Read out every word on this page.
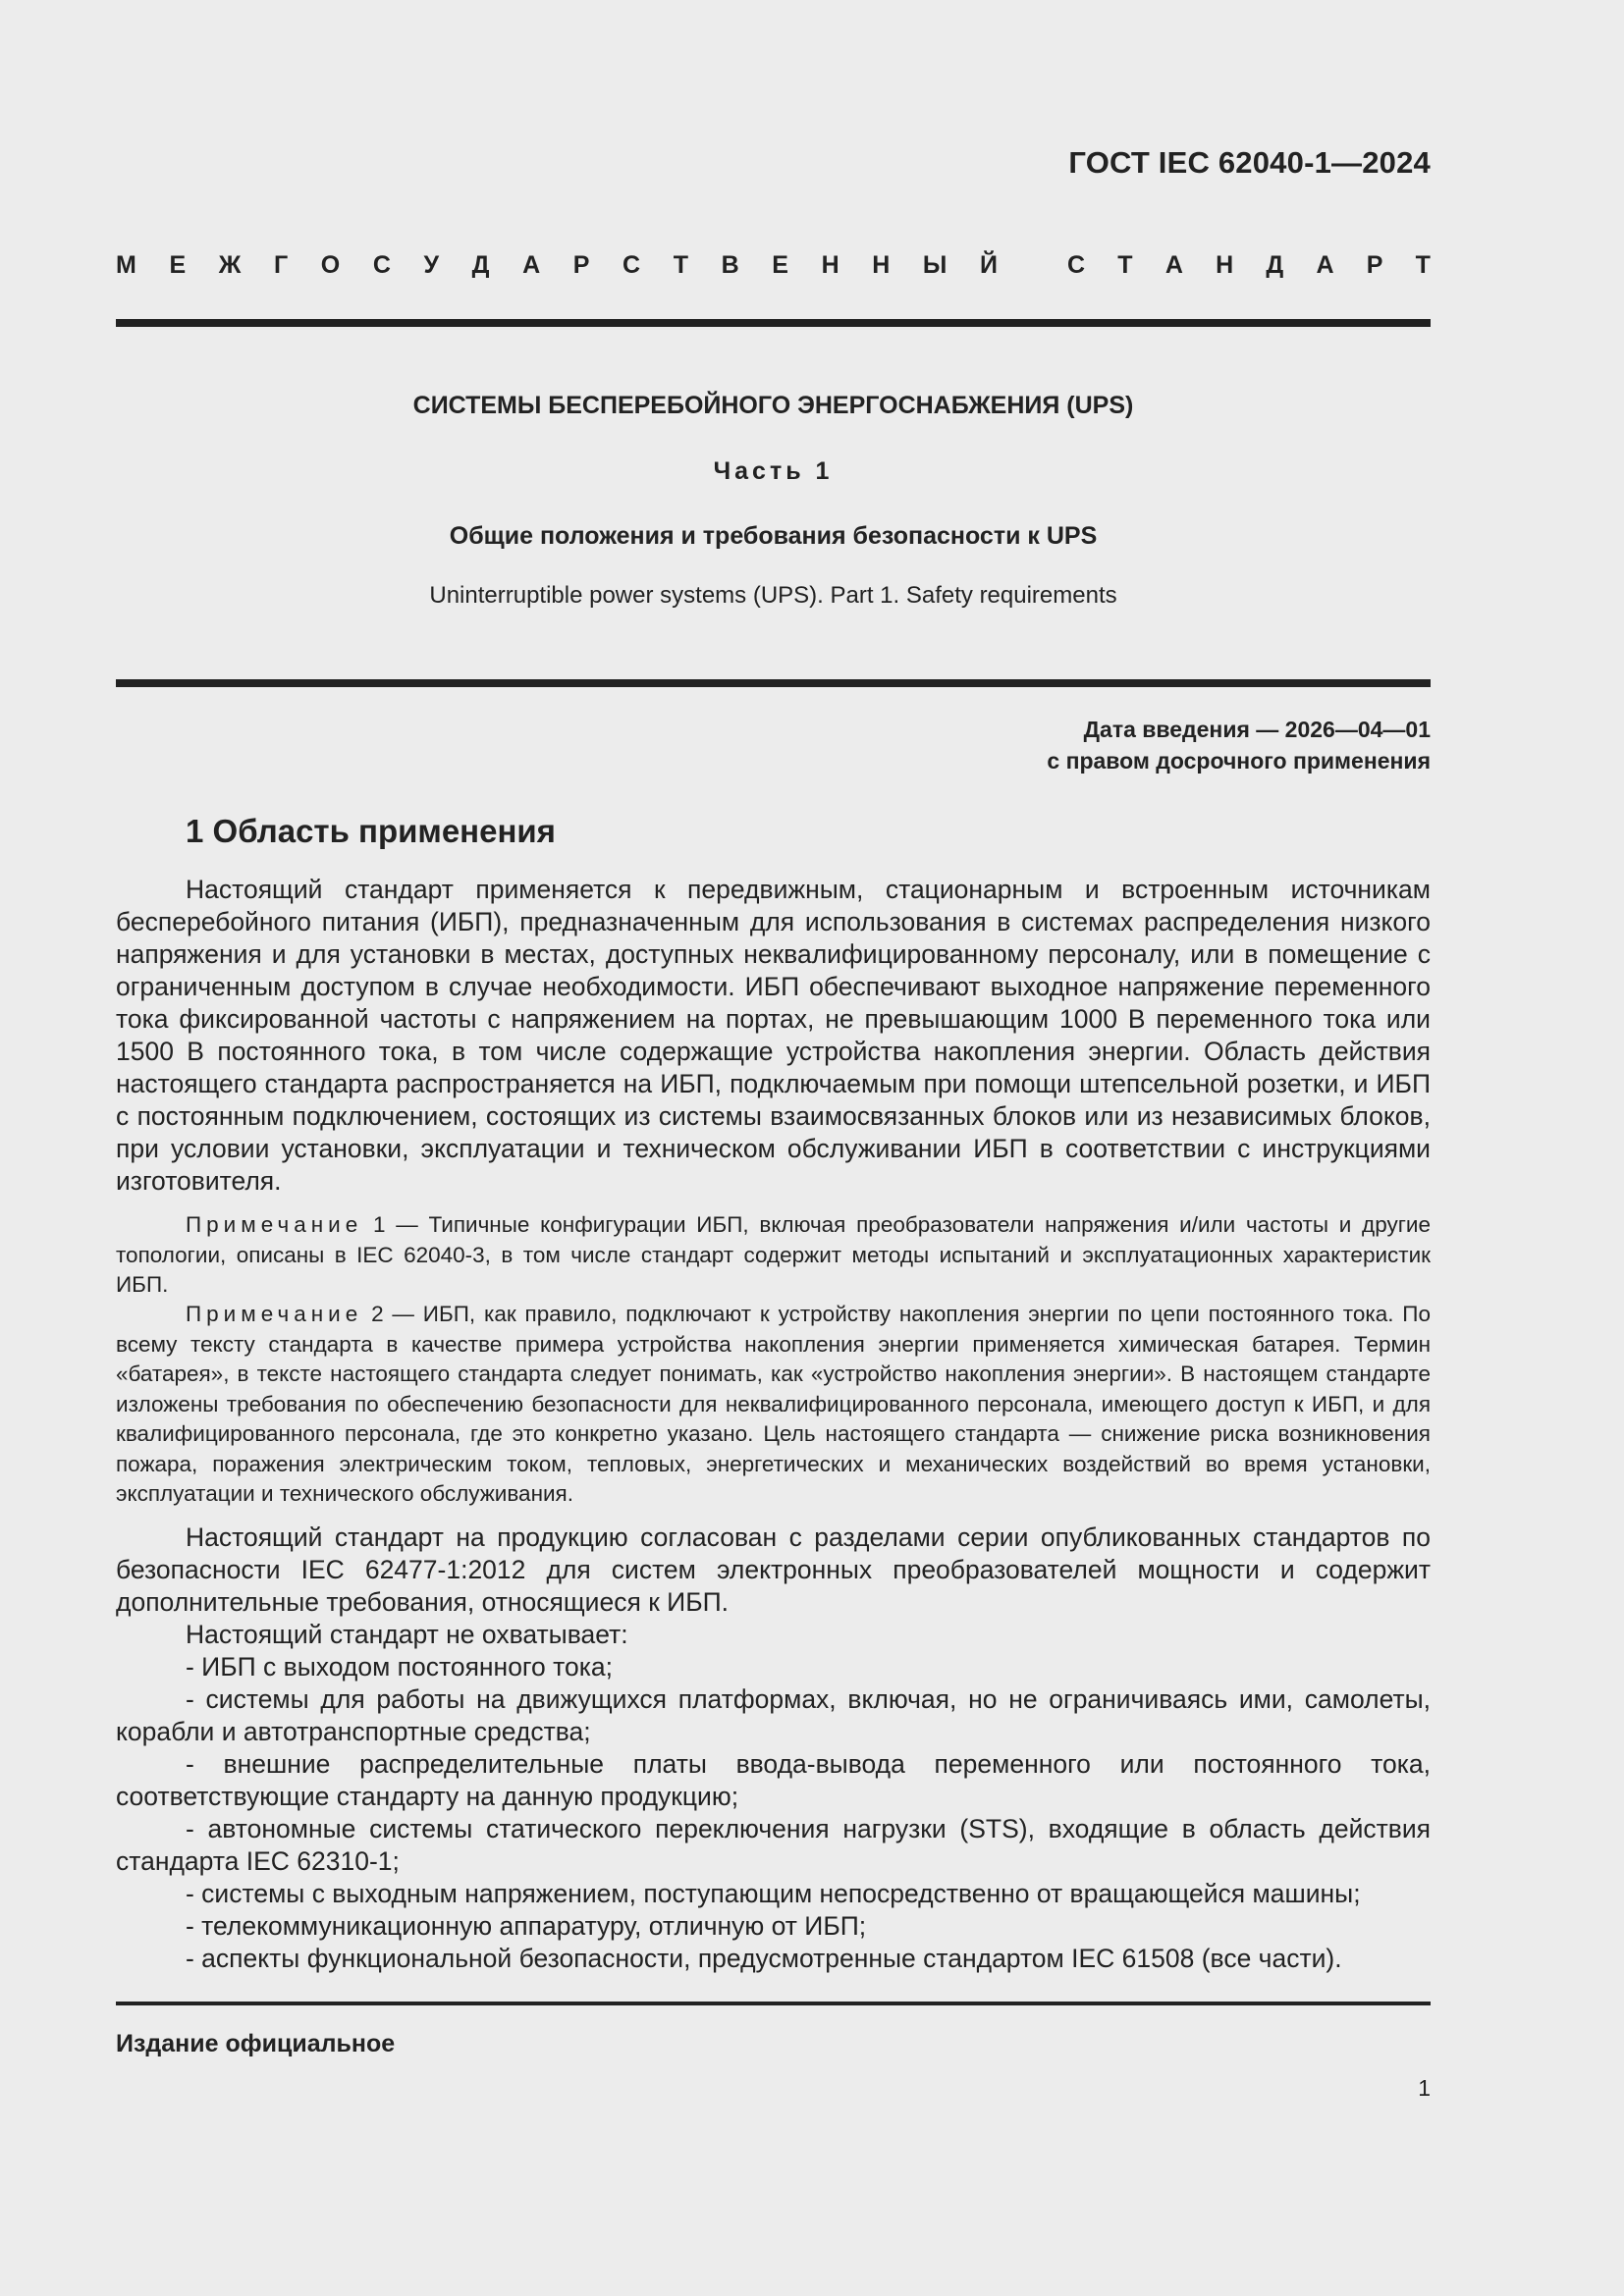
ГОСТ IEC 62040-1—2024
М Е Ж Г О С У Д А Р С Т В Е Н Н Ы Й	С Т А Н Д А Р Т
СИСТЕМЫ БЕСПЕРЕБОЙНОГО ЭНЕРГОСНАБЖЕНИЯ (UPS)
Часть 1
Общие положения и требования безопасности к UPS
Uninterruptible power systems (UPS). Part 1. Safety requirements
Дата введения — 2026—04—01
с правом досрочного применения
1 Область применения

Настоящий стандарт применяется к передвижным, стационарным и встроенным источникам бесперебойного питания (ИБП), предназначенным для использования в системах распределения низкого напряжения и для установки в местах, доступных неквалифицированному персоналу, или в помещение с ограниченным доступом в случае необходимости. ИБП обеспечивают выходное напряжение переменного тока фиксированной частоты с напряжением на портах, не превышающим 1000 В переменного тока или 1500 В постоянного тока, в том числе содержащие устройства накопления энергии. Область действия настоящего стандарта распространяется на ИБП, подключаемым при помощи штепсельной розетки, и ИБП с постоянным подключением, состоящих из системы взаимосвязанных блоков или из независимых блоков, при условии установки, эксплуатации и техническом обслуживании ИБП в соответствии с инструкциями изготовителя.

Примечание 1 — Типичные конфигурации ИБП, включая преобразователи напряжения и/или частоты и другие топологии, описаны в IEC 62040-3, в том числе стандарт содержит методы испытаний и эксплуатационных характеристик ИБП.

Примечание 2 — ИБП, как правило, подключают к устройству накопления энергии по цепи постоянного тока. По всему тексту стандарта в качестве примера устройства накопления энергии применяется химическая батарея. Термин «батарея», в тексте настоящего стандарта следует понимать, как «устройство накопления энергии». В настоящем стандарте изложены требования по обеспечению безопасности для неквалифицированного персонала, имеющего доступ к ИБП, и для квалифицированного персонала, где это конкретно указано. Цель настоящего стандарта — снижение риска возникновения пожара, поражения электрическим током, тепловых, энергетических и механических воздействий во время установки, эксплуатации и технического обслуживания.

Настоящий стандарт на продукцию согласован с разделами серии опубликованных стандартов по безопасности IEC 62477-1:2012 для систем электронных преобразователей мощности и содержит дополнительные требования, относящиеся к ИБП.

Настоящий стандарт не охватывает:

- ИБП с выходом постоянного тока;

- системы для работы на движущихся платформах, включая, но не ограничиваясь ими, самолеты, корабли и автотранспортные средства;

- внешние распределительные платы ввода-вывода переменного или постоянного тока, соответствующие стандарту на данную продукцию;

- автономные системы статического переключения нагрузки (STS), входящие в область действия стандарта IEC 62310-1;

- системы с выходным напряжением, поступающим непосредственно от вращающейся машины;

- телекоммуникационную аппаратуру, отличную от ИБП;

- аспекты функциональной безопасности, предусмотренные стандартом IEC 61508 (все части).

Издание официальное
1
